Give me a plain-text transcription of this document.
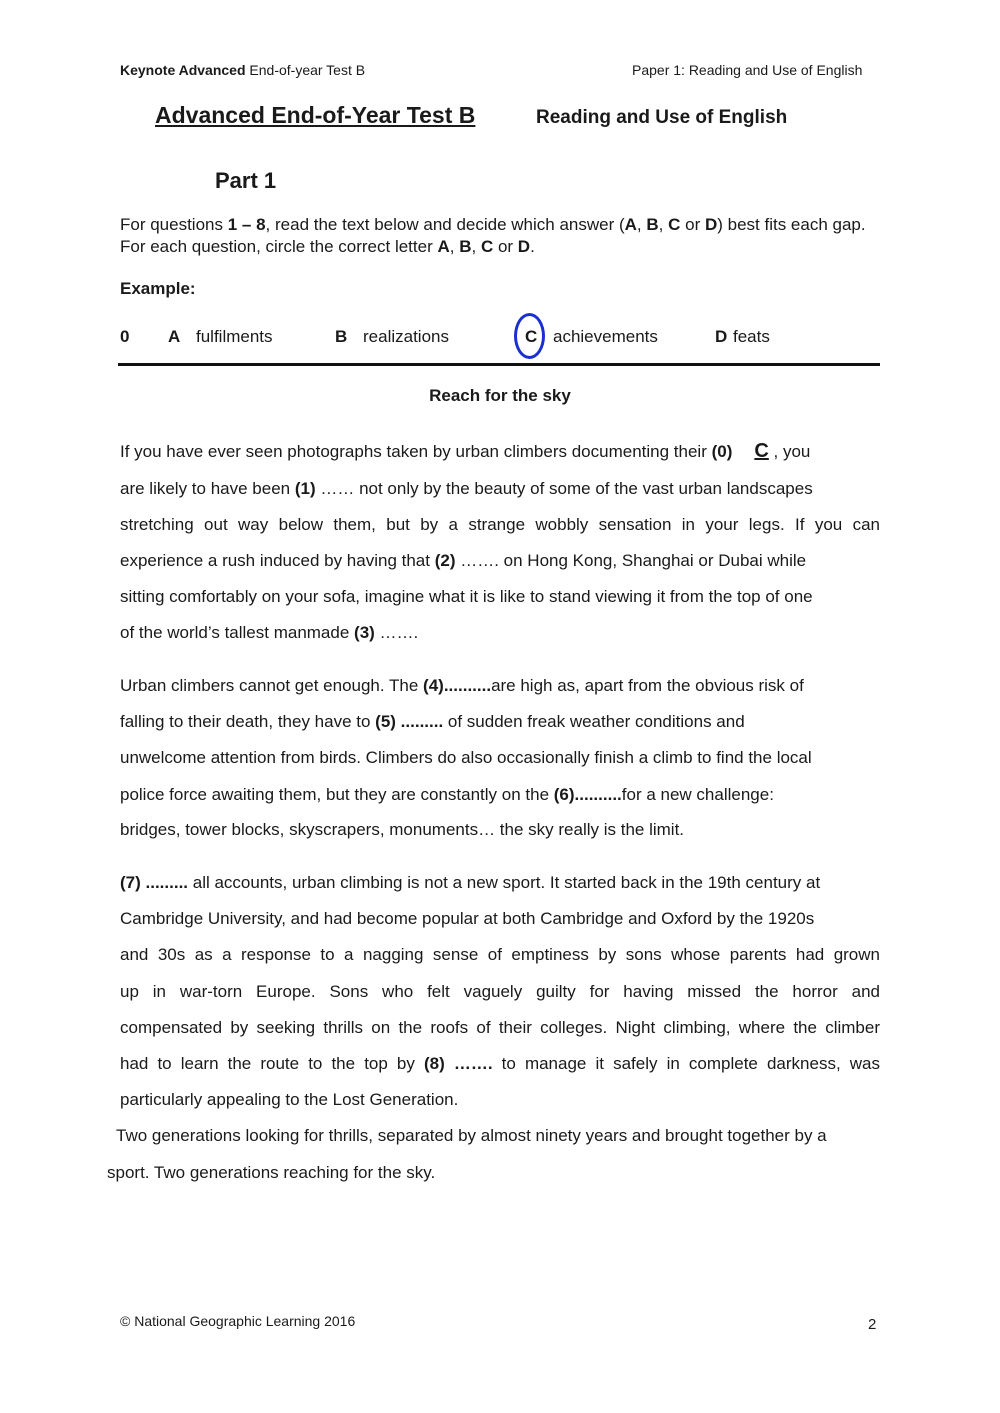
Keynote Advanced End-of-year Test B	Paper 1: Reading and Use of English
Advanced End-of-Year Test B	Reading and Use of English
Part 1
For questions 1 – 8, read the text below and decide which answer (A, B, C or D) best fits each gap. For each question, circle the correct letter A, B, C or D.
Example:
0 A fulfilments	B realizations	C achievements	D feats
Reach for the sky
If you have ever seen photographs taken by urban climbers documenting their (0) C , you
are likely to have been (1) …… not only by the beauty of some of the vast urban landscapes
stretching out way below them, but by a strange wobbly sensation in your legs. If you can
experience a rush induced by having that (2) ……. on Hong Kong, Shanghai or Dubai while
sitting comfortably on your sofa, imagine what it is like to stand viewing it from the top of one
of the world’s tallest manmade (3) …….
Urban climbers cannot get enough. The (4)..........are high as, apart from the obvious risk of
falling to their death, they have to (5) ......... of sudden freak weather conditions and
unwelcome attention from birds. Climbers do also occasionally finish a climb to find the local
police force awaiting them, but they are constantly on the (6)..........for a new challenge:
bridges, tower blocks, skyscrapers, monuments… the sky really is the limit.
(7) ......... all accounts, urban climbing is not a new sport. It started back in the 19th century at
Cambridge University, and had become popular at both Cambridge and Oxford by the 1920s
and 30s as a response to a nagging sense of emptiness by sons whose parents had grown
up in war-torn Europe. Sons who felt vaguely guilty for having missed the horror and
compensated by seeking thrills on the roofs of their colleges. Night climbing, where the climber
had to learn the route to the top by (8) ……. to manage it safely in complete darkness, was
particularly appealing to the Lost Generation.
Two generations looking for thrills, separated by almost ninety years and brought together by a
sport. Two generations reaching for the sky.
© National Geographic Learning 2016	2
